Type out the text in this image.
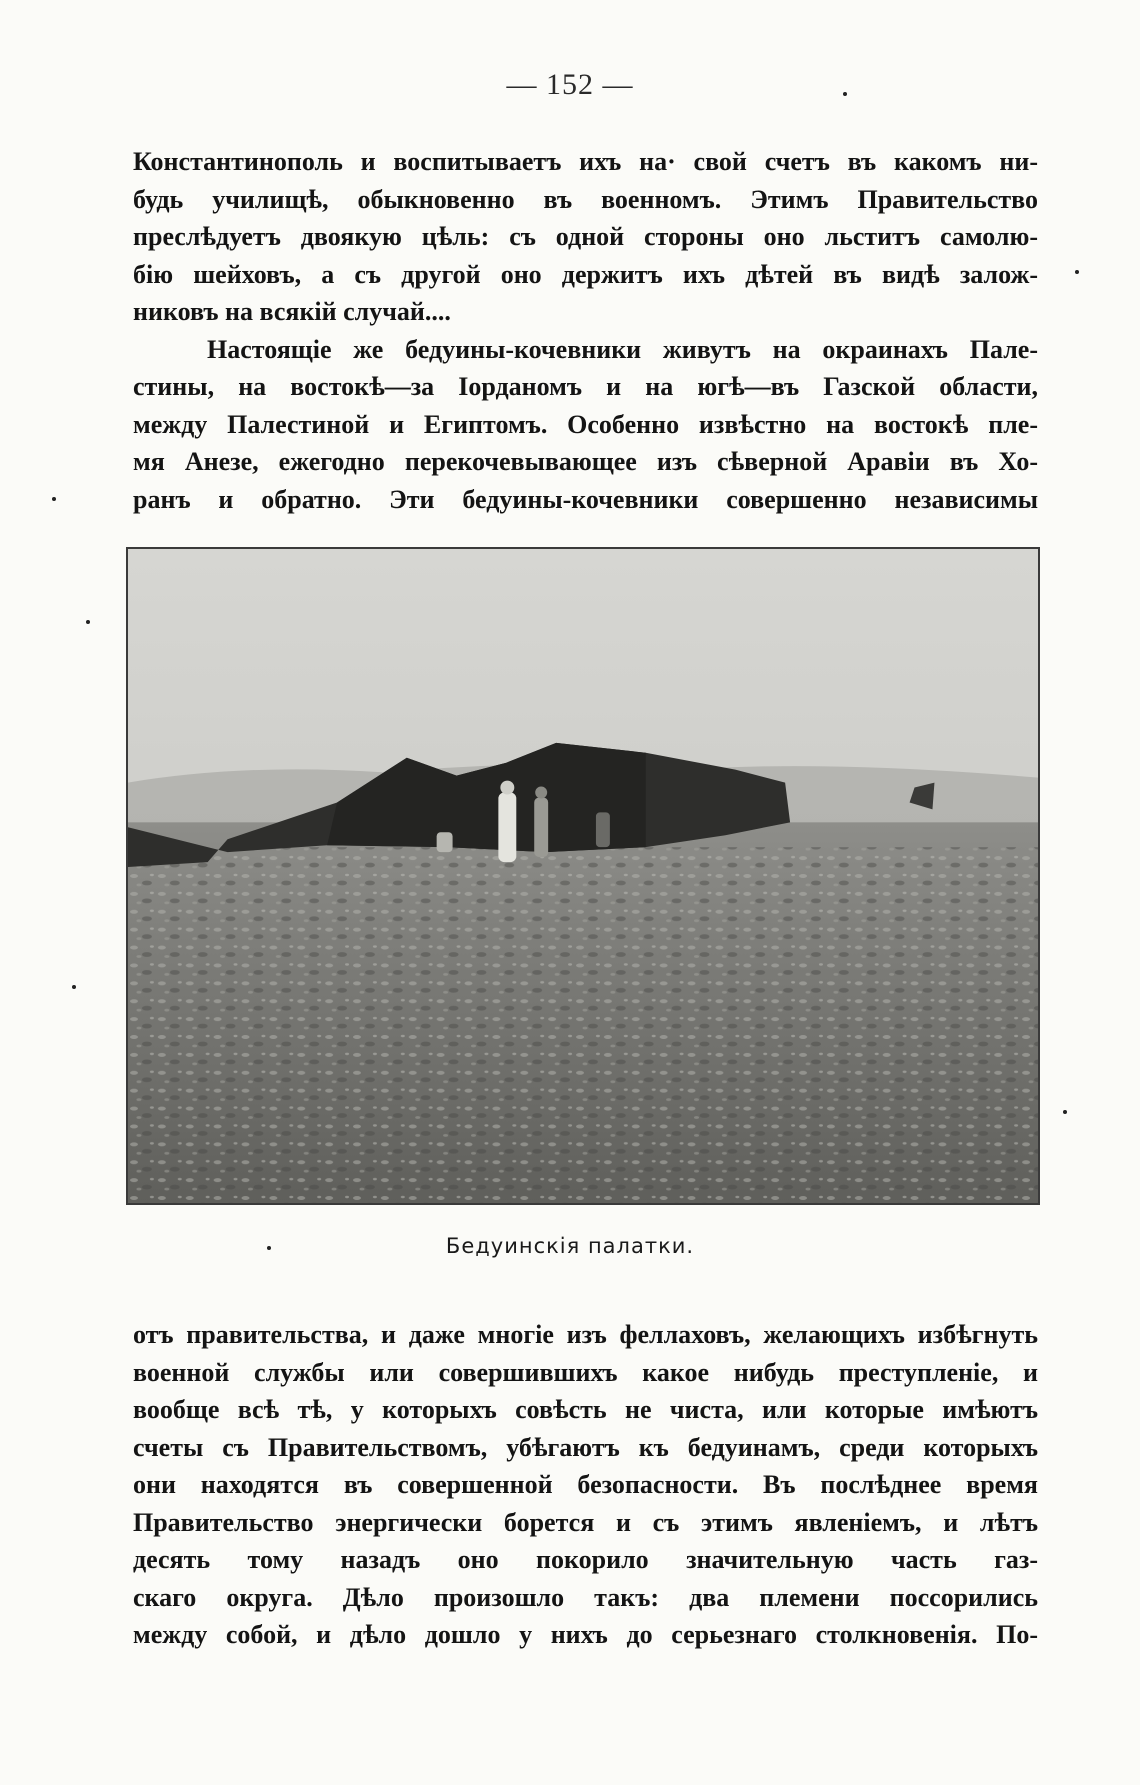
— 152 —
Константинополь и воспитываетъ ихъ на· свой счетъ въ какомъ ни-
будь училищѣ, обыкновенно въ военномъ. Этимъ Правительство
преслѣдуетъ двоякую цѣль: съ одной стороны оно льститъ самолю-
бію шейховъ, а съ другой оно держитъ ихъ дѣтей въ видѣ залож-
никовъ на всякій случай....
Настоящіе же бедуины-кочевники живутъ на окраинахъ Пале-
стины, на востокѣ—за Іорданомъ и на югѣ—въ Газской области,
между Палестиной и Египтомъ. Особенно извѣстно на востокѣ пле-
мя Анезе, ежегодно перекочевывающее изъ сѣверной Аравіи въ Хо-
ранъ и обратно. Эти бедуины-кочевники совершенно независимы
Бедуинскія палатки.
отъ правительства, и даже многіе изъ феллаховъ, желающихъ избѣгнуть
военной службы или совершившихъ какое нибудь преступленіе, и
вообще всѣ тѣ, у которыхъ совѣсть не чиста, или которые имѣютъ
счеты съ Правительствомъ, убѣгаютъ къ бедуинамъ, среди которыхъ
они находятся въ совершенной безопасности. Въ послѣднее время
Правительство энергически борется и съ этимъ явленіемъ, и лѣтъ
десять тому назадъ оно покорило значительную часть газ-
скаго округа. Дѣло произошло такъ: два племени поссорились
между собой, и дѣло дошло у нихъ до серьезнаго столкновенія. По-
